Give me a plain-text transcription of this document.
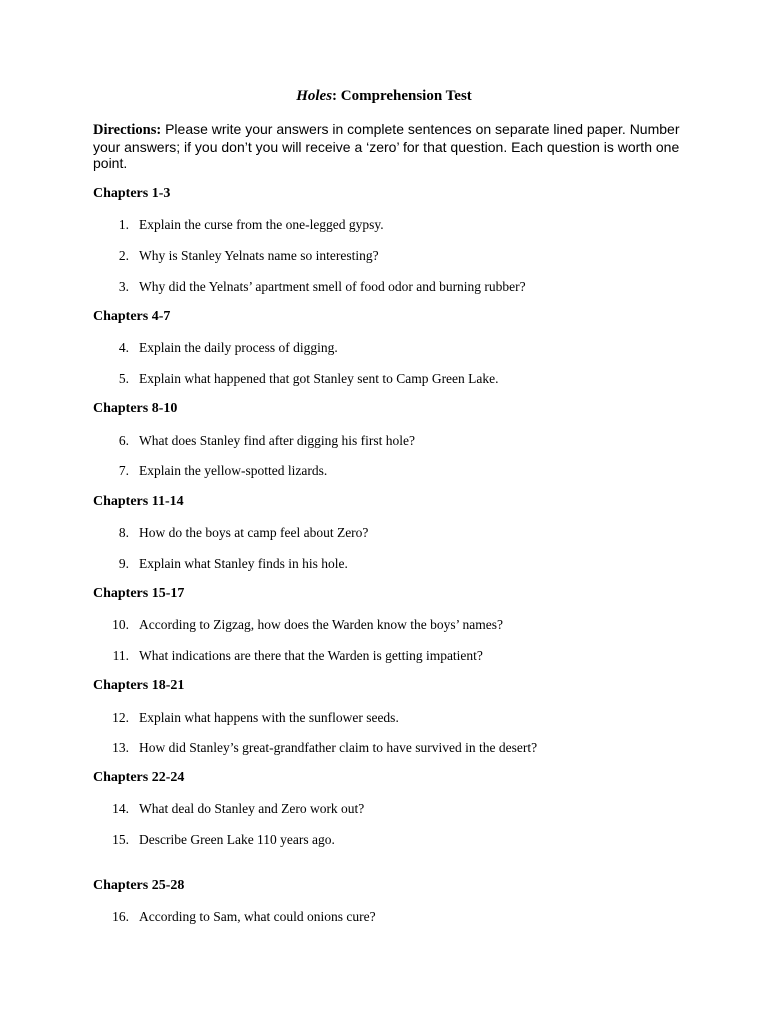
Holes: Comprehension Test
Directions: Please write your answers in complete sentences on separate lined paper. Number your answers; if you don’t you will receive a ‘zero’ for that question. Each question is worth one point.
Chapters 1-3
1. Explain the curse from the one-legged gypsy.
2. Why is Stanley Yelnats name so interesting?
3. Why did the Yelnats’ apartment smell of food odor and burning rubber?
Chapters 4-7
4. Explain the daily process of digging.
5. Explain what happened that got Stanley sent to Camp Green Lake.
Chapters 8-10
6. What does Stanley find after digging his first hole?
7. Explain the yellow-spotted lizards.
Chapters 11-14
8. How do the boys at camp feel about Zero?
9. Explain what Stanley finds in his hole.
Chapters 15-17
10. According to Zigzag, how does the Warden know the boys’ names?
11. What indications are there that the Warden is getting impatient?
Chapters 18-21
12. Explain what happens with the sunflower seeds.
13. How did Stanley’s great-grandfather claim to have survived in the desert?
Chapters 22-24
14. What deal do Stanley and Zero work out?
15. Describe Green Lake 110 years ago.
Chapters 25-28
16. According to Sam, what could onions cure?
